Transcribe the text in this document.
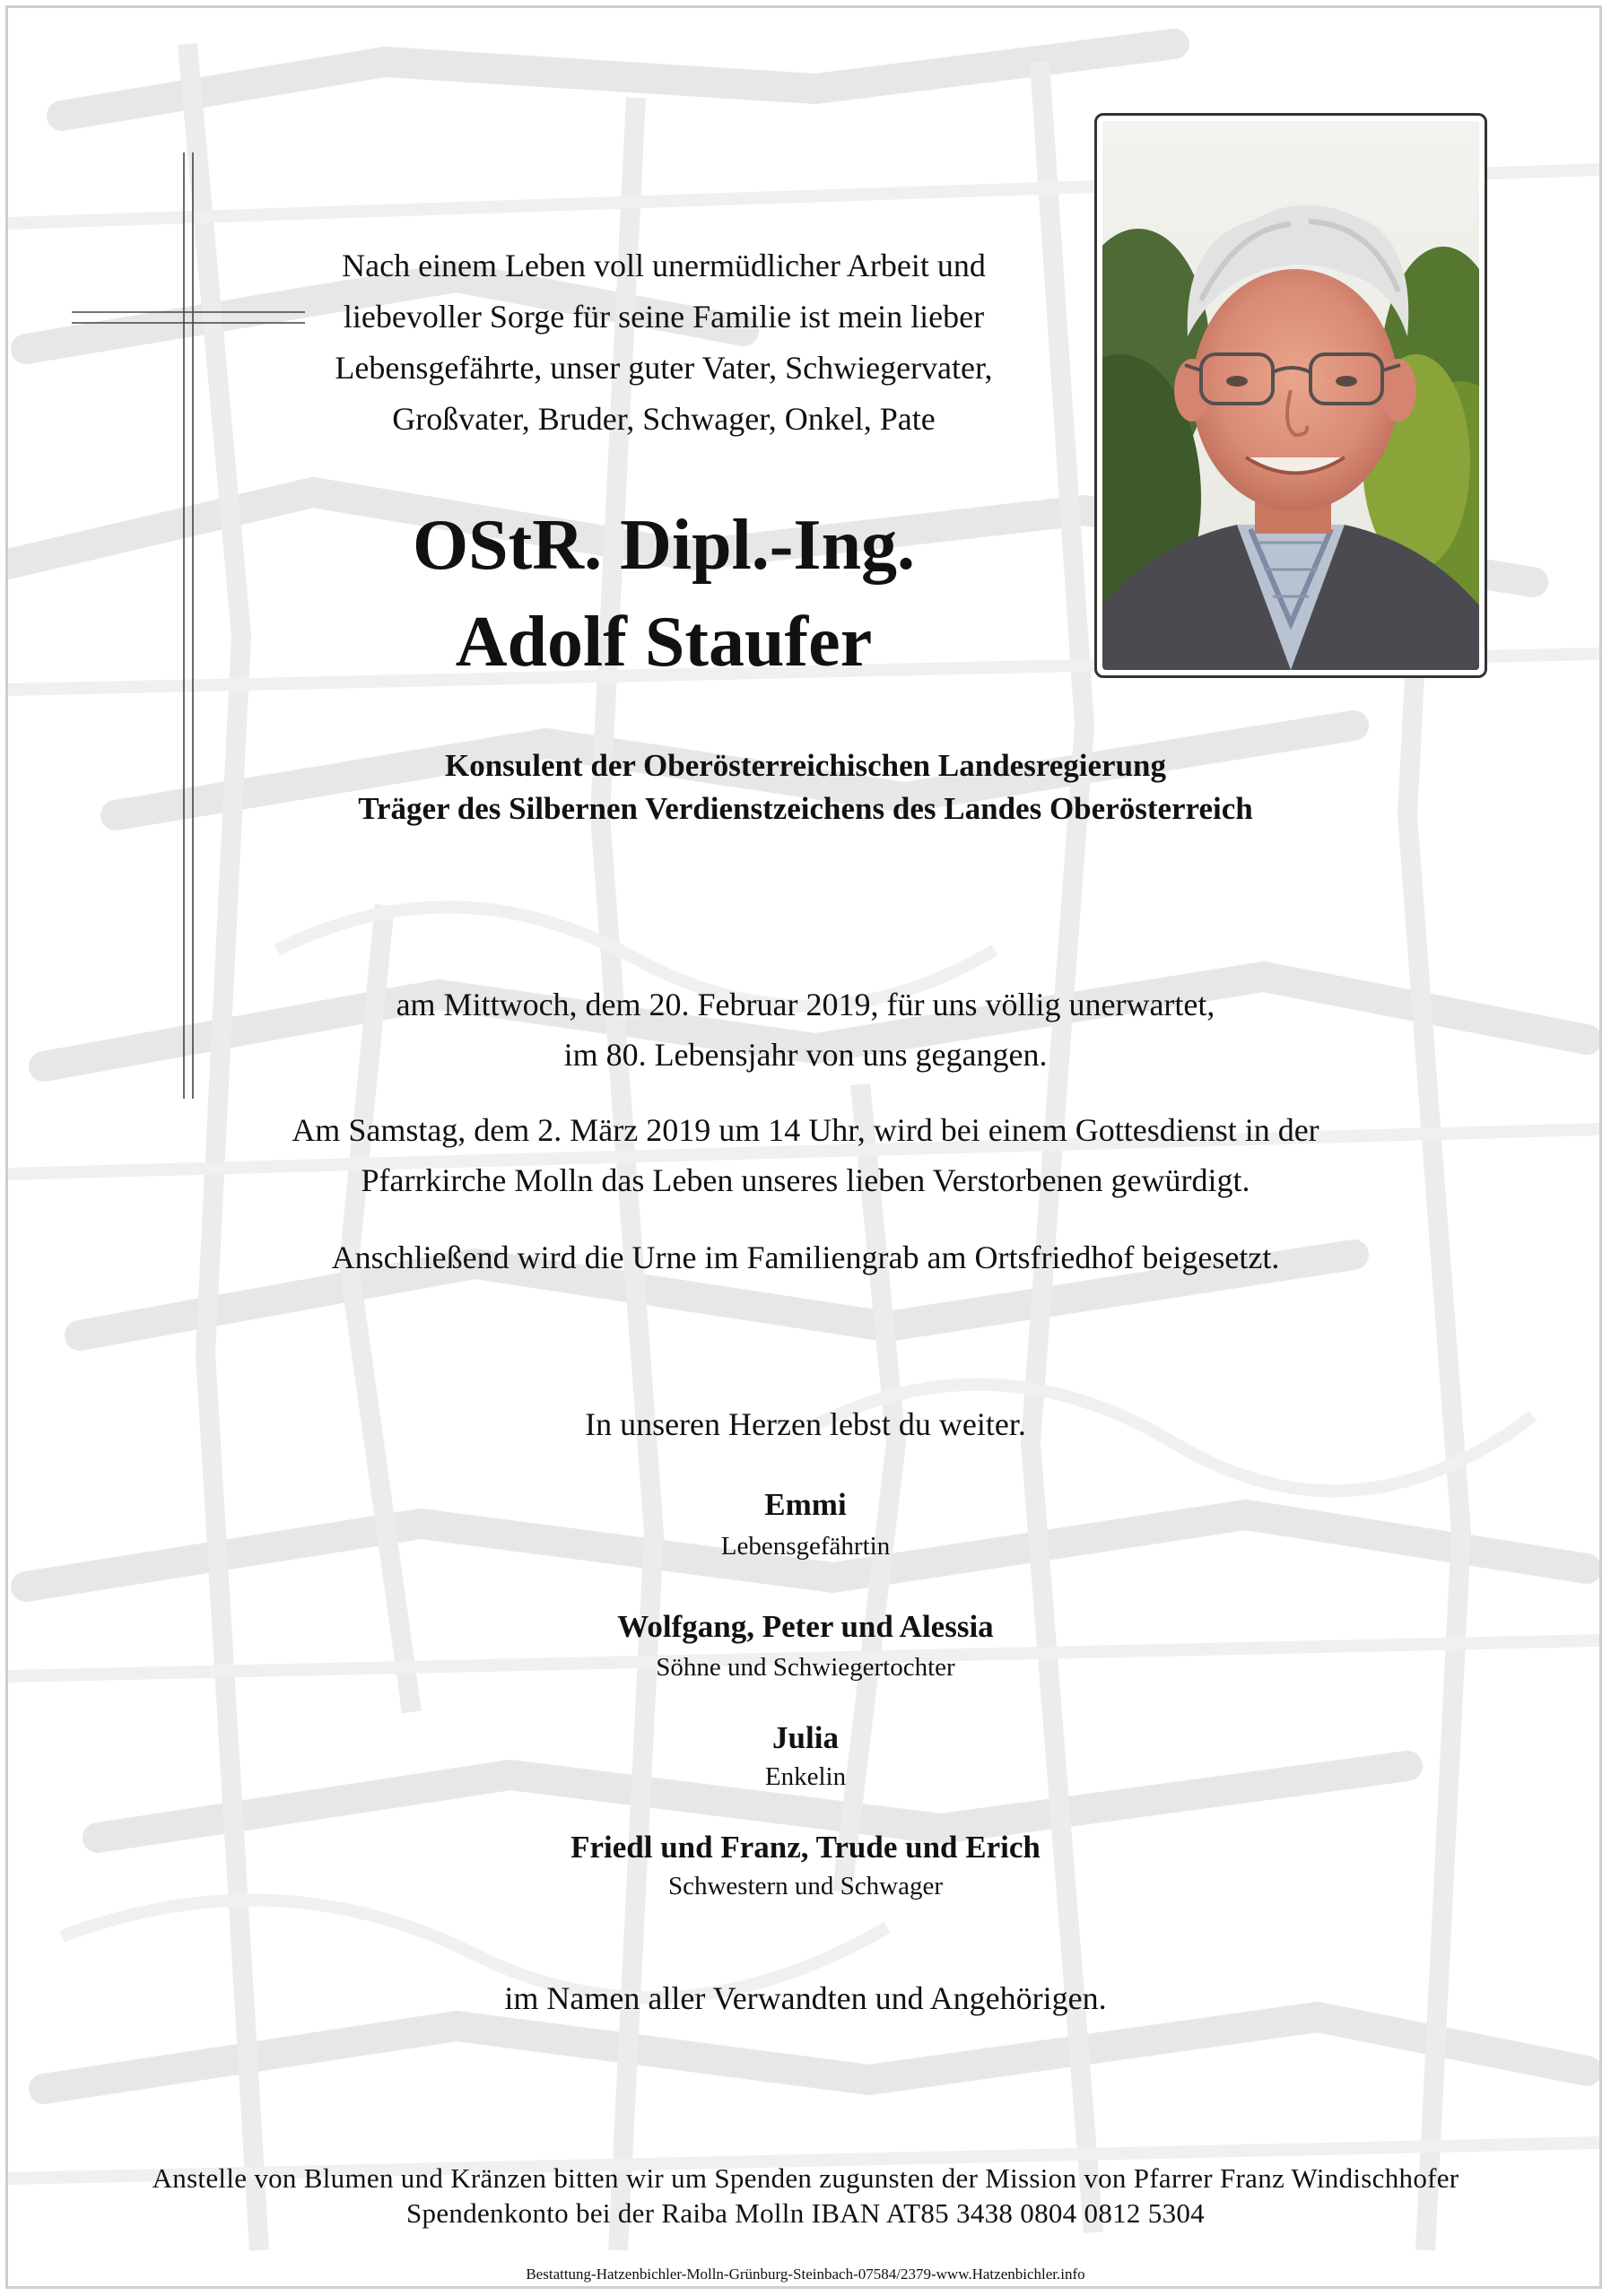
Nach einem Leben voll unermüdlicher Arbeit und
liebevoller Sorge für seine Familie ist mein lieber
Lebensgefährte, unser guter Vater, Schwiegervater,
Großvater, Bruder, Schwager, Onkel, Pate
OStR. Dipl.-Ing.
Adolf Staufer
Konsulent der Oberösterreichischen Landesregierung
Träger des Silbernen Verdienstzeichens des Landes Oberösterreich
am Mittwoch, dem 20. Februar 2019, für uns völlig unerwartet,
im 80. Lebensjahr von uns gegangen.
Am Samstag, dem 2. März 2019 um 14 Uhr, wird bei einem Gottesdienst in der
Pfarrkirche Molln das Leben unseres lieben Verstorbenen gewürdigt.
Anschließend wird die Urne im Familiengrab am Ortsfriedhof beigesetzt.
In unseren Herzen lebst du weiter.
Emmi
Lebensgefährtin
Wolfgang, Peter und Alessia
Söhne und Schwiegertochter
Julia
Enkelin
Friedl und Franz, Trude und Erich
Schwestern und Schwager
im Namen aller Verwandten und Angehörigen.
Anstelle von Blumen und Kränzen bitten wir um Spenden zugunsten der Mission von Pfarrer Franz Windischhofer
Spendenkonto bei der Raiba Molln IBAN AT85 3438 0804 0812 5304
Bestattung-Hatzenbichler-Molln-Grünburg-Steinbach-07584/2379-www.Hatzenbichler.info
